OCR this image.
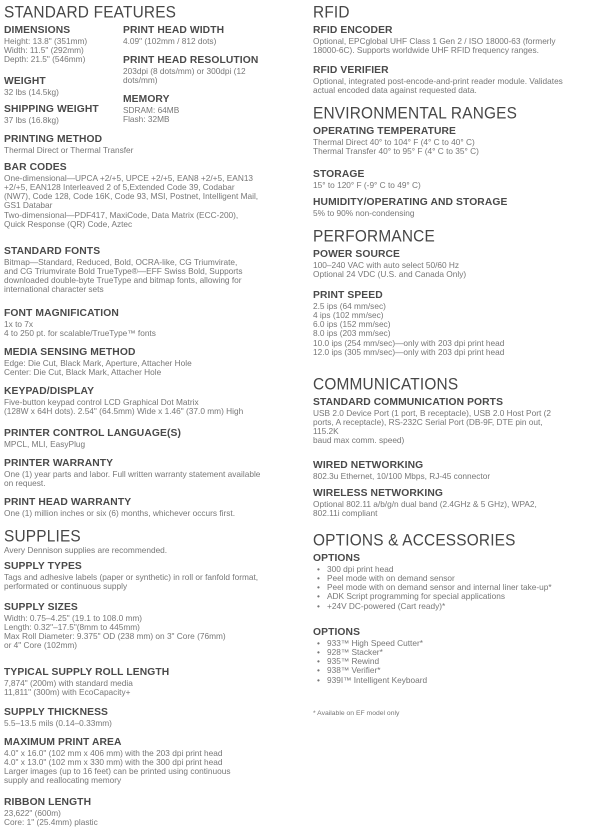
STANDARD FEATURES

DIMENSIONS

Height: 13.8" (351mm)

Width: 11.5" (292mm)

Depth: 21.5" (546mm)

PRINT HEAD WIDTH

4.09" (102mm / 812 dots)

PRINT HEAD RESOLUTION

203dpi (8 dots/mm) or 300dpi (12

dots/mm)

WEIGHT

32 lbs (14.5kg)

MEMORY

SDRAM: 64MB

Flash: 32MB

SHIPPING WEIGHT

37 lbs (16.8kg)

PRINTING METHOD

Thermal Direct or Thermal Transfer

BAR CODES

One-dimensional—UPCA +2/+5, UPCE +2/+5, EAN8 +2/+5, EAN13

+2/+5, EAN128 Interleaved 2 of 5,Extended Code 39, Codabar

(NW7), Code 128, Code 16K, Code 93, MSI, Postnet, Intelligent Mail,

GS1 Databar

Two-dimensional—PDF417, MaxiCode, Data Matrix (ECC-200),

Quick Response (QR) Code, Aztec

STANDARD FONTS

Bitmap—Standard, Reduced, Bold, OCRA-like, CG Triumvirate,

and CG Triumvirate Bold TrueType®—EFF Swiss Bold, Supports

downloaded double-byte TrueType and bitmap fonts, allowing for

international character sets

FONT MAGNIFICATION

1x to 7x

4 to 250 pt. for scalable/TrueType™ fonts

MEDIA SENSING METHOD

Edge: Die Cut, Black Mark, Aperture, Attacher Hole

Center: Die Cut, Black Mark, Attacher Hole

KEYPAD/DISPLAY

Five-button keypad control LCD Graphical Dot Matrix

(128W x 64H dots). 2.54" (64.5mm) Wide x 1.46" (37.0 mm) High

PRINTER CONTROL LANGUAGE(S)

MPCL, MLI, EasyPlug

PRINTER WARRANTY

One (1) year parts and labor. Full written warranty statement available

on request.

PRINT HEAD WARRANTY

One (1) million inches or six (6) months, whichever occurs first.

SUPPLIES

Avery Dennison supplies are recommended.

SUPPLY TYPES

Tags and adhesive labels (paper or synthetic) in roll or fanfold format,

performated or continuous supply

SUPPLY SIZES

Width: 0.75–4.25" (19.1 to 108.0 mm)

Length: 0.32"–17.5"(8mm to 445mm)

Max Roll Diameter: 9.375" OD (238 mm) on 3" Core (76mm)

or 4" Core (102mm)

TYPICAL SUPPLY ROLL LENGTH

7,874" (200m) with standard media

11,811" (300m) with EcoCapacity+

SUPPLY THICKNESS

5.5–13.5 mils (0.14–0.33mm)

MAXIMUM PRINT AREA

4.0" x 16.0" (102 mm x 406 mm) with the 203 dpi print head

4.0" x 13.0" (102 mm x 330 mm) with the 300 dpi print head

Larger images (up to 16 feet) can be printed using continuous

supply and reallocating memory

RIBBON LENGTH

23,622" (600m)

Core: 1" (25.4mm) plastic

RFID

RFID ENCODER

Optional, EPCglobal UHF Class 1 Gen 2 / ISO 18000-63 (formerly

18000-6C). Supports worldwide UHF RFID frequency ranges.

RFID VERIFIER

Optional, integrated post-encode-and-print reader module. Validates

actual encoded data against requested data.

ENVIRONMENTAL RANGES

OPERATING TEMPERATURE

Thermal Direct 40° to 104° F (4° C to 40° C)

Thermal Transfer 40° to 95° F (4° C to 35° C)

STORAGE

15° to 120° F (-9° C to 49° C)

HUMIDITY/OPERATING AND STORAGE

5% to 90% non-condensing

PERFORMANCE

POWER SOURCE

100–240 VAC with auto select 50/60 Hz

Optional 24 VDC (U.S. and Canada Only)

PRINT SPEED

2.5 ips (64 mm/sec)

4 ips (102 mm/sec)

6.0 ips (152 mm/sec)

8.0 ips (203 mm/sec)

10.0 ips (254 mm/sec)—only with 203 dpi print head

12.0 ips (305 mm/sec)—only with 203 dpi print head

COMMUNICATIONS

STANDARD COMMUNICATION PORTS

USB 2.0 Device Port (1 port, B receptacle), USB 2.0 Host Port (2

ports, A receptacle), RS-232C Serial Port (DB-9F, DTE pin out,

115.2K

baud max comm. speed)

WIRED NETWORKING

802.3u Ethernet, 10/100 Mbps, RJ-45 connector

WIRELESS NETWORKING

Optional 802.11 a/b/g/n dual band (2.4GHz & 5 GHz), WPA2,

802.11i compliant

OPTIONS & ACCESSORIES

OPTIONS

• 300 dpi print head
• Peel mode with on demand sensor
• Peel mode with on demand sensor and internal liner take-up*
• ADK Script programming for special applications
• +24V DC-powered (Cart ready)*

OPTIONS

• 933™ High Speed Cutter*
• 928™ Stacker*
• 935™ Rewind
• 938™ Verifier*
• 939I™ Intelligent Keyboard

* Available on EF model only
